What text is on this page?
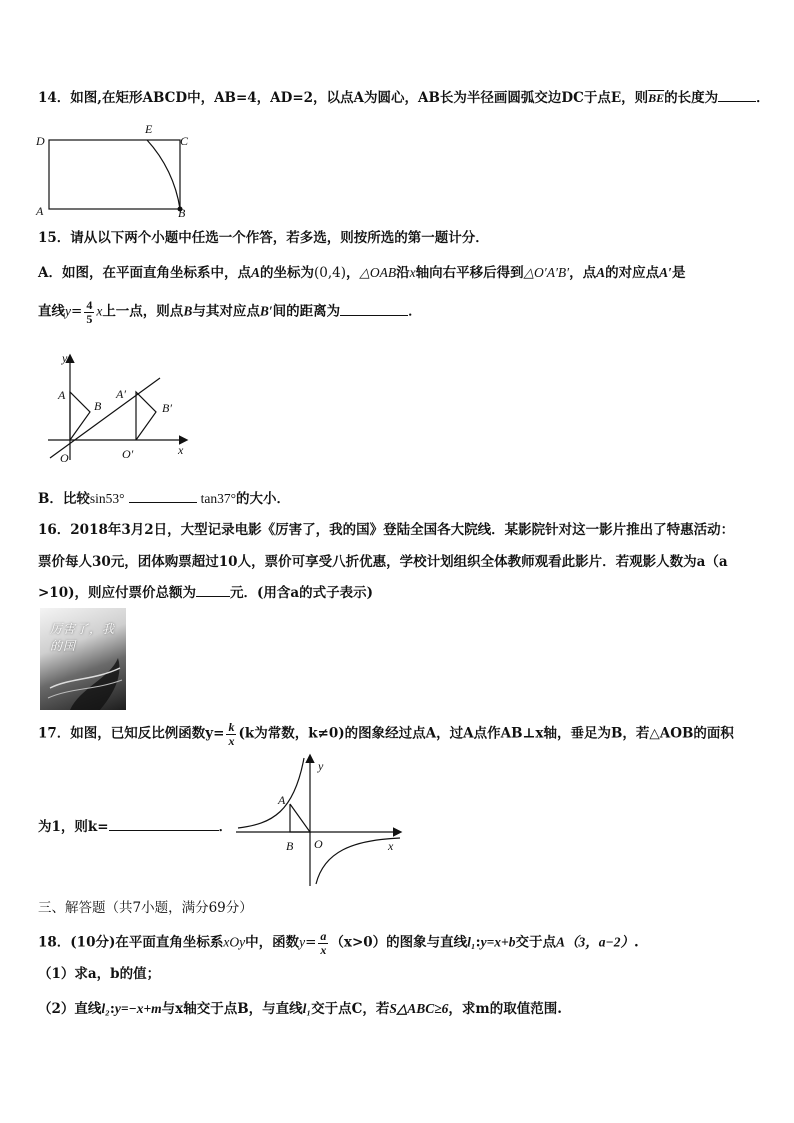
14．如图,在矩形ABCD中，AB=4，AD=2，以点A为圆心，AB长为半径画圆弧交边DC于点E，则$\overline{BE}$的长度为	．
D	C
E
A	B
15．请从以下两个小题中任选一个作答，若多选，则按所选的第一题计分．
A．如图，在平面直角坐标系中，点A的坐标为(0,4)，△OAB沿x轴向右平移后得到△O′A′B′，点A的对应点A′是
直线$y= \frac{4}{5}$ x上一点，则点B与其对应点B′间的距离为	．
y
x
A
B
A′
B′
O	O′
B．比较sin53°	tan37°的大小．
16．2018年3月2日，大型记录电影《厉害了，我的国》登陆全国各大院线．某影院针对这一影片推出了特惠活动：
票价每人30元，团体购票超过10人，票价可享受八折优惠，学校计划组织全体教师观看此影片．若观影人数为a（a
>10)，则应付票价总额为	元．(用含a的式子表示)
厉害了，我的国
17．如图，已知反比例函数$y= \frac{k}{x} (k$为常数，k≠0)的图象经过点A，过A点作AB⊥x轴，垂足为B，若△AOB的面积
为1，则k=	．
y
x
A
B O
三、解答题（共7小题，满分69分）
18．(10分)在平面直角坐标系xOy中，函数$y= \frac{a}{x} (x>0)$的图象与直线l₁:y=x+b交于点A（3，a−2）.
（1）求a，b的值；
（2）直线l₂:y=−x+m与x轴交于点B，与直线l₁交于点C，若S△ABC≥6，求m的取值范围.
